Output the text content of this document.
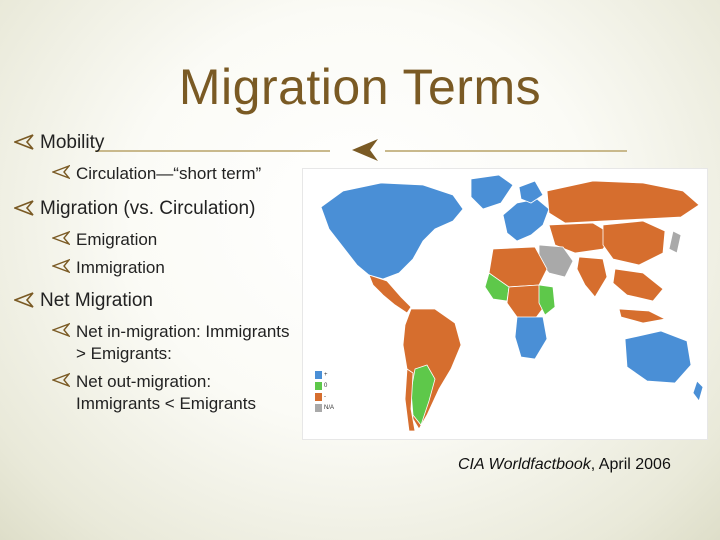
Migration Terms
Mobility
Circulation—“short term”
Migration (vs. Circulation)
Emigration
Immigration
Net Migration
Net in-migration: Immigrants > Emigrants:
Net out-migration: Immigrants < Emigrants
+
0
-
N/A
CIA Worldfactbook, April 2006
